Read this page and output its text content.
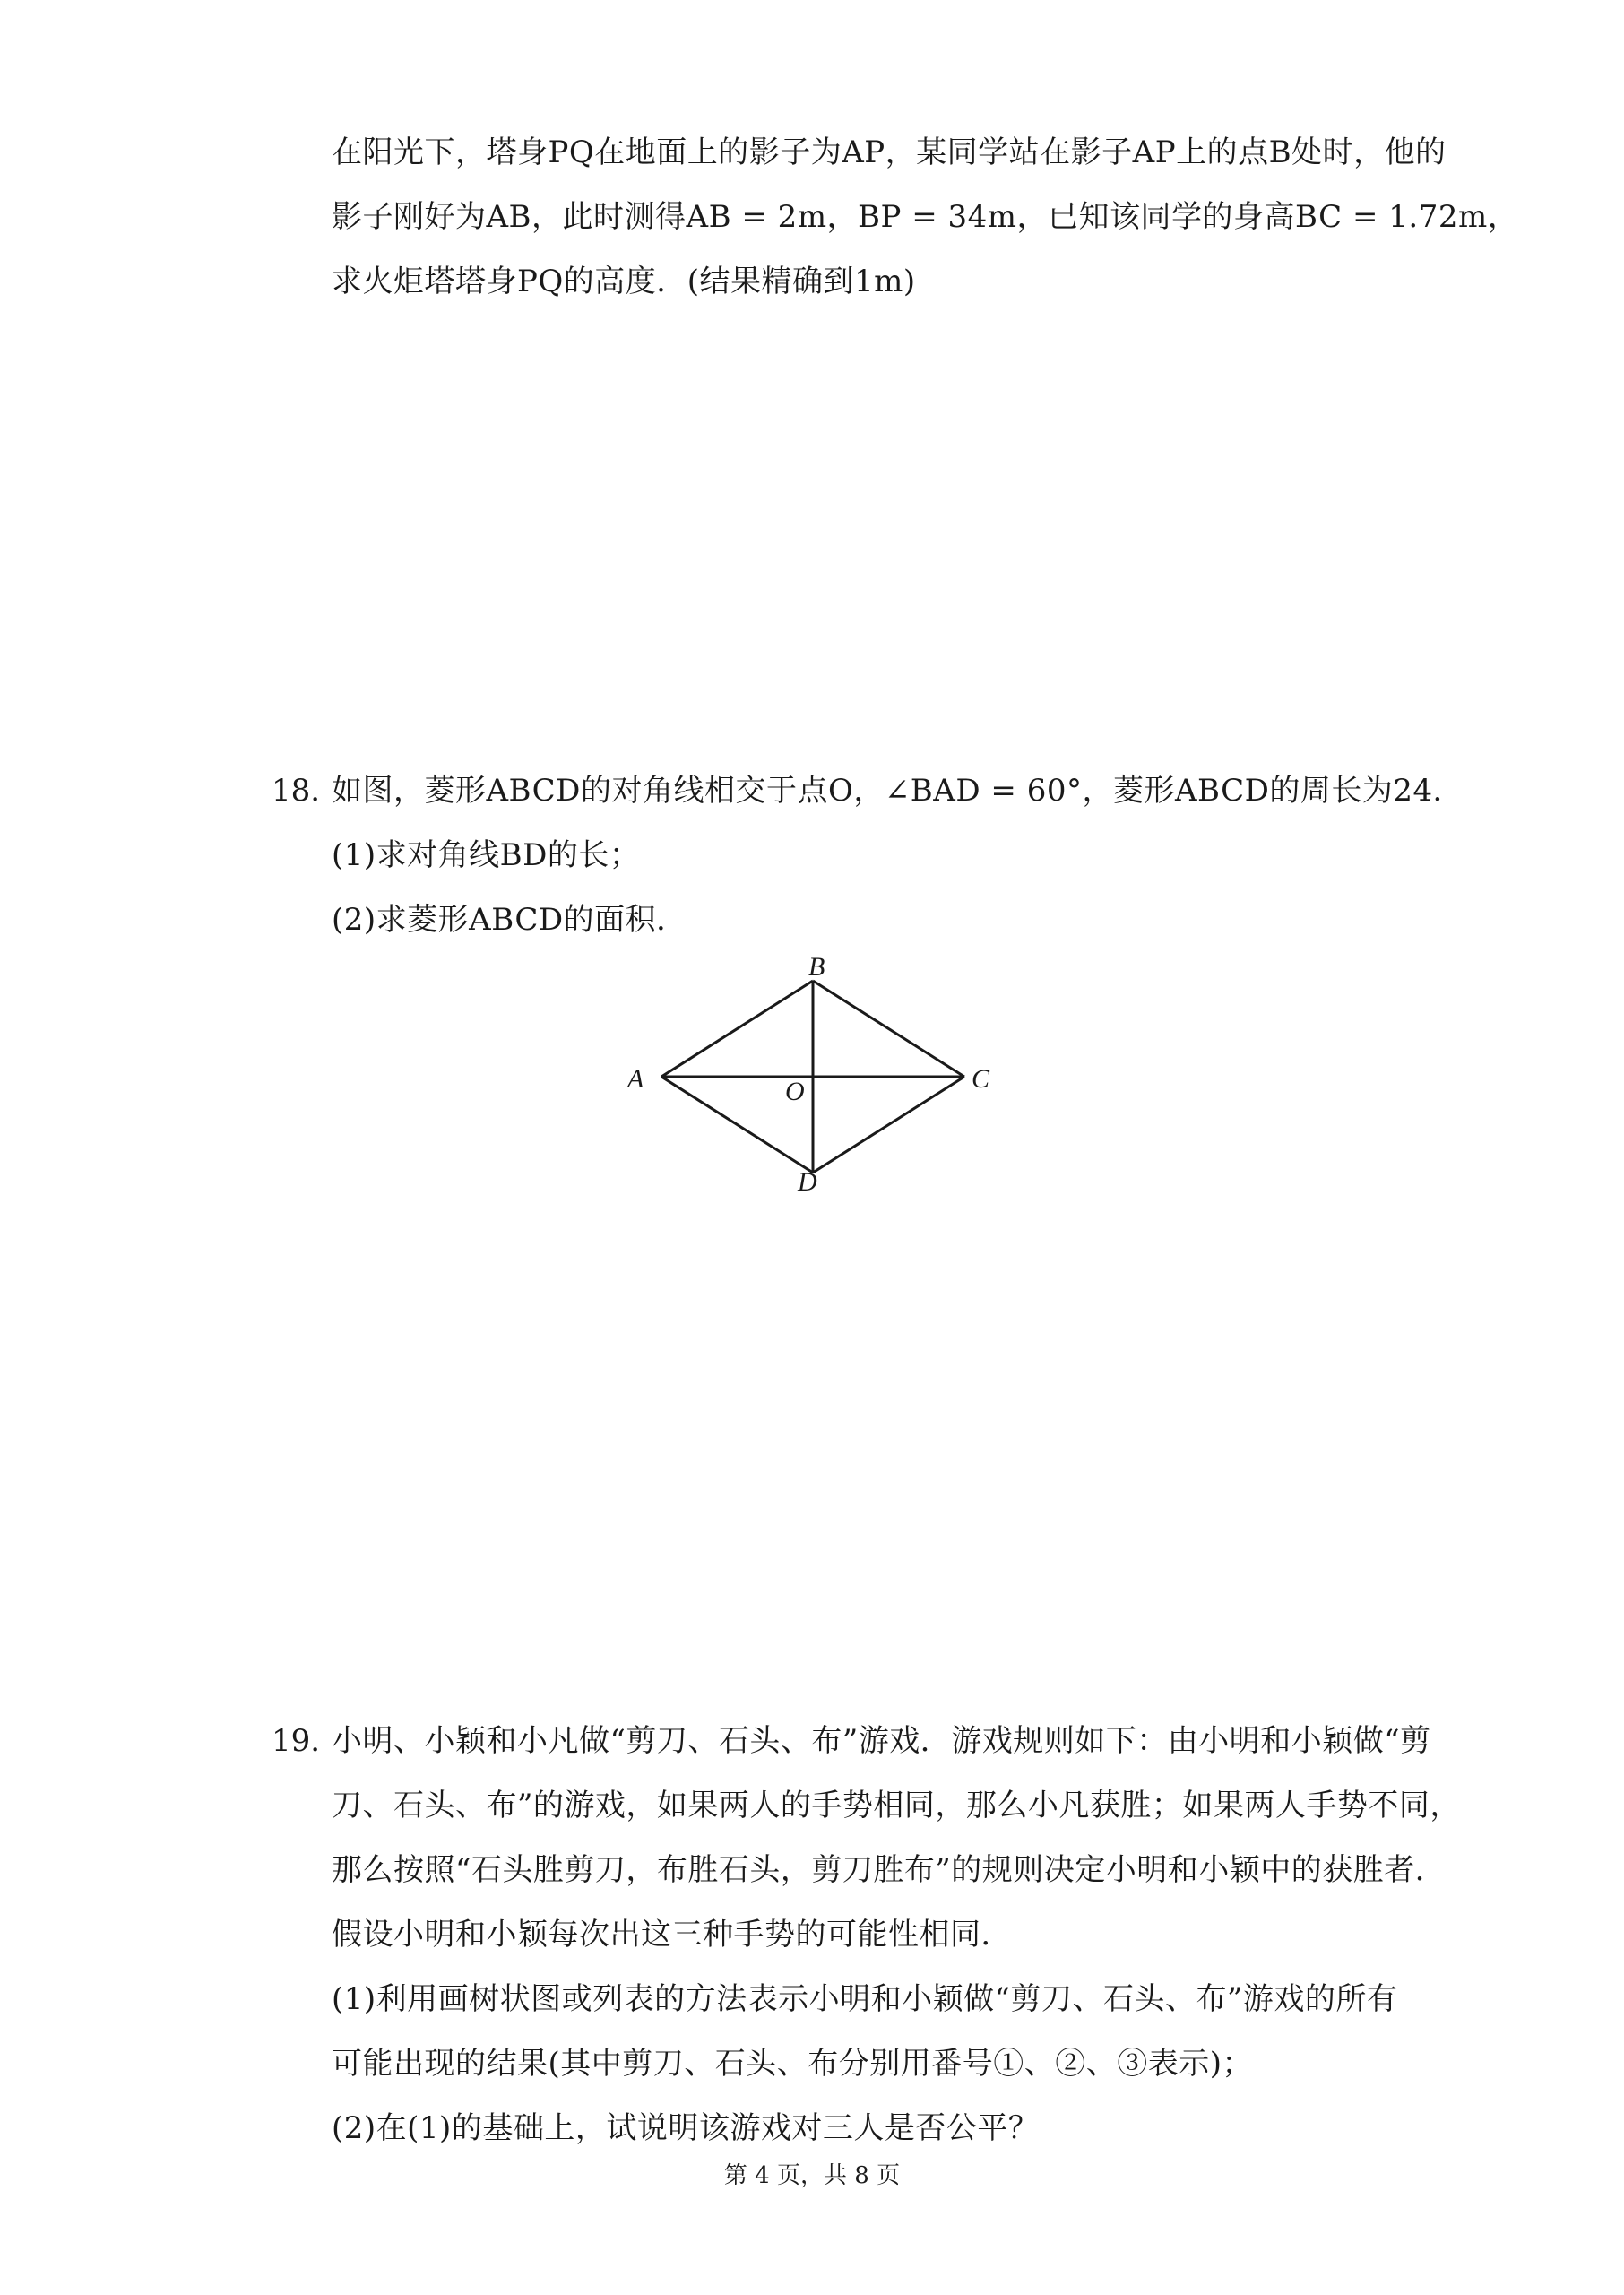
在阳光下，塔身PQ在地面上的影子为AP，某同学站在影子AP上的点B处时，他的
影子刚好为AB，此时测得AB = 2m，BP = 34m，已知该同学的身高BC = 1.72m，
求火炬塔塔身PQ的高度．(结果精确到1m)
18. 如图，菱形ABCD的对角线相交于点O，∠BAD = 60°，菱形ABCD的周长为24．
(1)求对角线BD的长；
(2)求菱形ABCD的面积．
A
B
C
D
O
19. 小明、小颖和小凡做“剪刀、石头、布”游戏．游戏规则如下：由小明和小颖做“剪
刀、石头、布”的游戏，如果两人的手势相同，那么小凡获胜；如果两人手势不同，
那么按照“石头胜剪刀，布胜石头，剪刀胜布”的规则决定小明和小颖中的获胜者．
假设小明和小颖每次出这三种手势的可能性相同．
(1)利用画树状图或列表的方法表示小明和小颖做“剪刀、石头、布”游戏的所有
可能出现的结果(其中剪刀、石头、布分别用番号①、②、③表示)；
(2)在(1)的基础上，试说明该游戏对三人是否公平？
第 4 页，共 8 页
